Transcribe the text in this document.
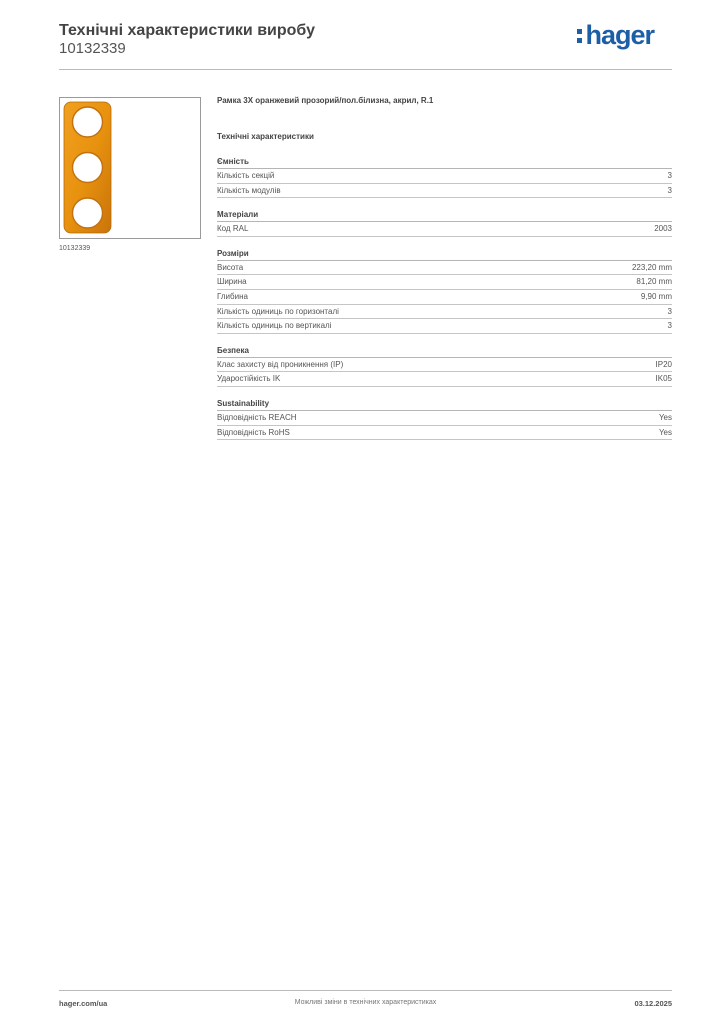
Технічні характеристики виробу
10132339	hager
10132339
Рамка 3Х оранжевий прозорий/пол.білизна, акрил, R.1
Технічні характеристики
Ємність
Кількість секцій	3
Кількість модулів	3
Матеріали
Код RAL	2003
Розміри
Висота	223,20 mm
Ширина	81,20 mm
Глибина	9,90 mm
Кількість одиниць по горизонталі	3
Кількість одиниць по вертикалі	3
Безпека
Клас захисту від проникнення (IP)	IP20
Ударостійкість IK	IK05
Sustainability
Відповідність REACH	Yes
Відповідність RoHS	Yes
hager.com/ua	Можливі зміни в технічних характеристиках	03.12.2025
